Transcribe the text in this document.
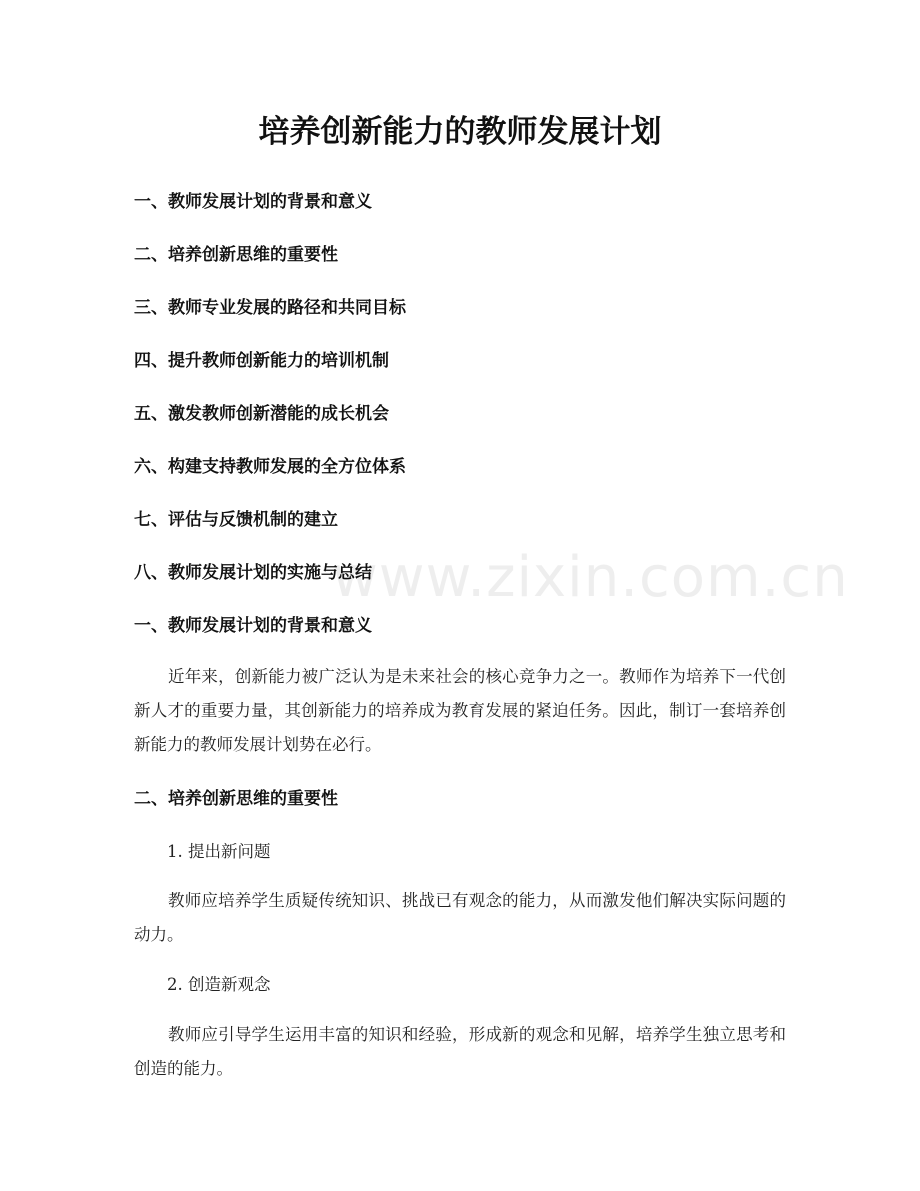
www.zixin.com.cn
培养创新能力的教师发展计划

一、教师发展计划的背景和意义

二、培养创新思维的重要性

三、教师专业发展的路径和共同目标

四、提升教师创新能力的培训机制

五、激发教师创新潜能的成长机会

六、构建支持教师发展的全方位体系

七、评估与反馈机制的建立

八、教师发展计划的实施与总结

一、教师发展计划的背景和意义

近年来，创新能力被广泛认为是未来社会的核心竞争力之一。教师作为培养下一代创新人才的重要力量，其创新能力的培养成为教育发展的紧迫任务。因此，制订一套培养创新能力的教师发展计划势在必行。

二、培养创新思维的重要性

1. 提出新问题

教师应培养学生质疑传统知识、挑战已有观念的能力，从而激发他们解决实际问题的动力。

2. 创造新观念

教师应引导学生运用丰富的知识和经验，形成新的观念和见解，培养学生独立思考和创造的能力。
